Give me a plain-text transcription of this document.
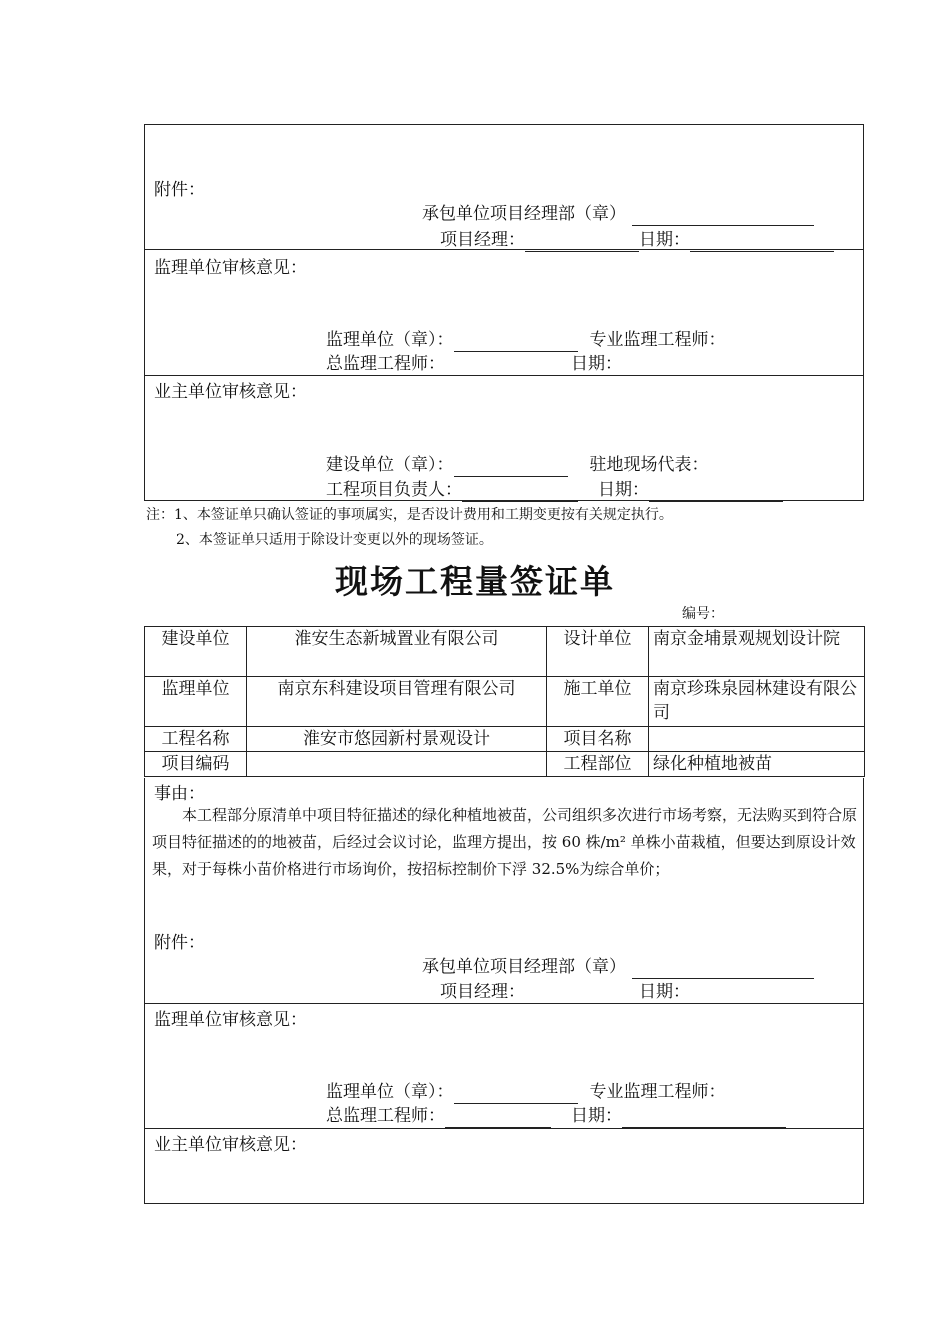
附件：
承包单位项目经理部（章）
项目经理：	日期：
监理单位审核意见：
监理单位（章）：	专业监理工程师：
总监理工程师：	日期：
业主单位审核意见：
建设单位（章）：	驻地现场代表：
工程项目负责人：	日期：
注：1、本签证单只确认签证的事项属实，是否设计费用和工期变更按有关规定执行。
2、本签证单只适用于除设计变更以外的现场签证。
现场工程量签证单
编号：
建设单位	淮安生态新城置业有限公司	设计单位	南京金埔景观规划设计院
监理单位	南京东科建设项目管理有限公司	施工单位	南京珍珠泉园林建设有限公司
工程名称	淮安市悠园新村景观设计	项目名称	
项目编码		工程部位	绿化种植地被苗
事由：
本工程部分原清单中项目特征描述的绿化种植地被苗，公司组织多次进行市场考察，无法购买到符合原项目特征描述的的地被苗，后经过会议讨论，监理方提出，按 60 株/m² 单株小苗栽植，但要达到原设计效果，对于每株小苗价格进行市场询价，按招标控制价下浮 32.5%为综合单价；
附件：
承包单位项目经理部（章）
项目经理：	日期：
监理单位审核意见：
监理单位（章）：	专业监理工程师：
总监理工程师：	日期：
业主单位审核意见：
